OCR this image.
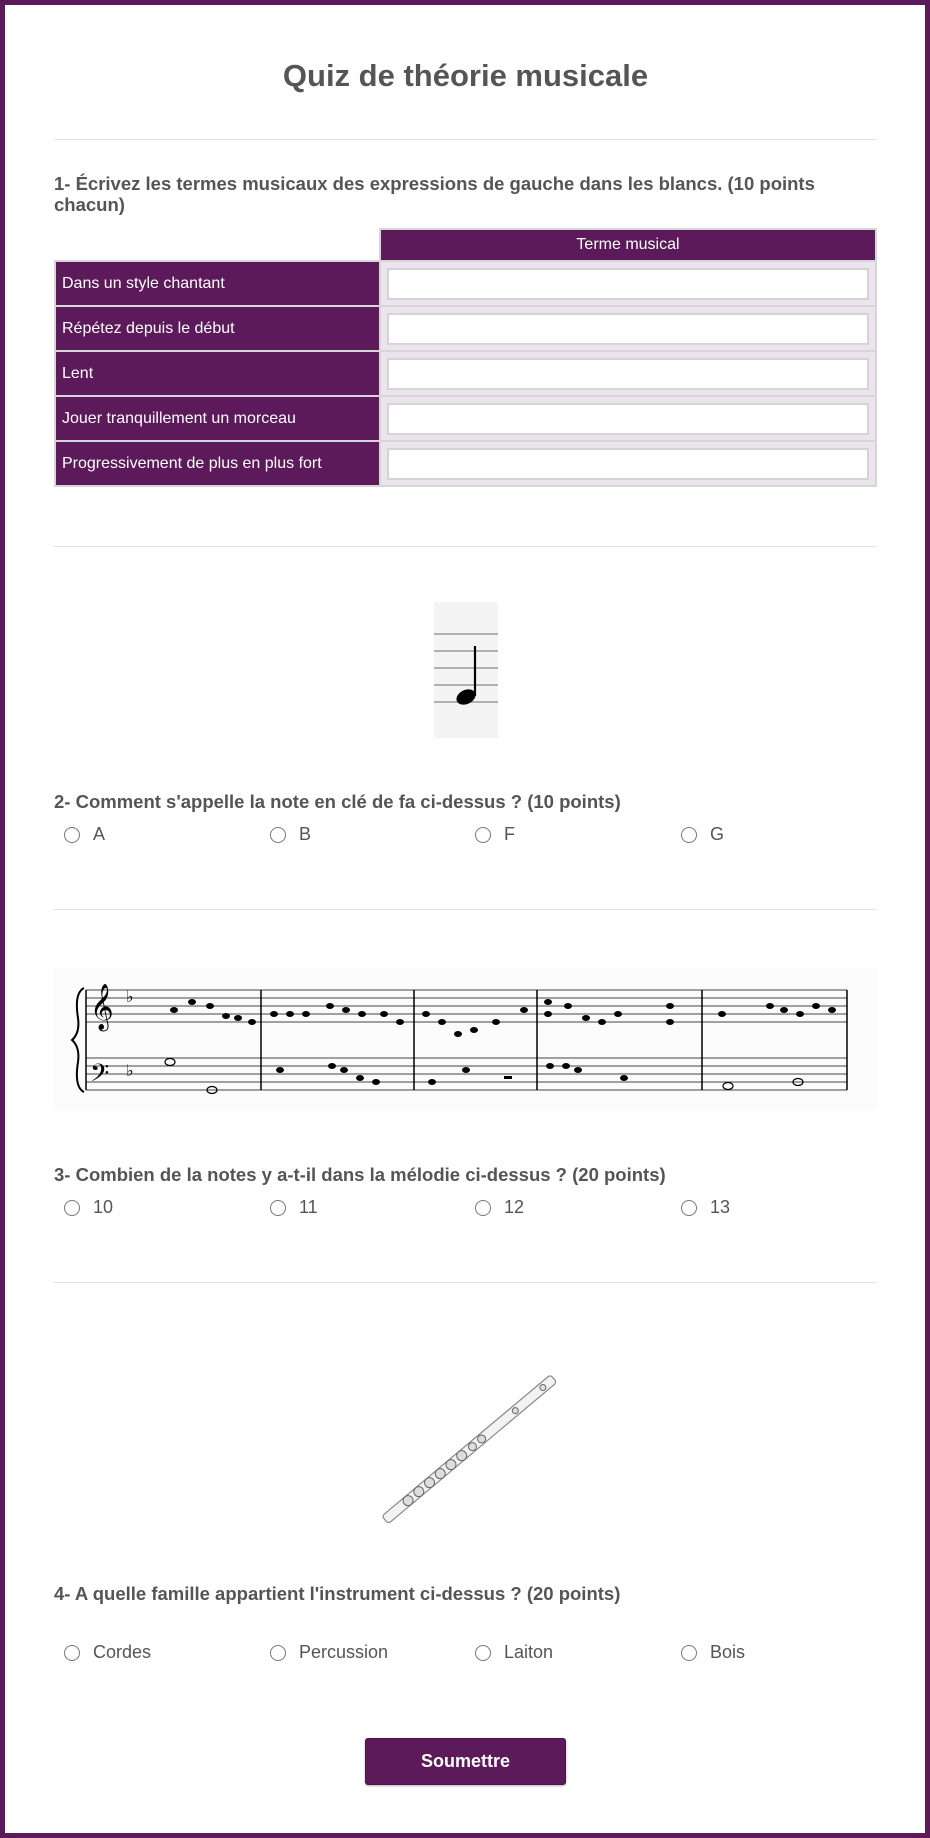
Quiz de théorie musicale
1- Écrivez les termes musicaux des expressions de gauche dans les blancs. (10 points chacun)
	Terme musical
Dans un style chantant	
Répétez depuis le début	
Lent	
Jouer tranquillement un morceau	
Progressivement de plus en plus fort	
2- Comment s'appelle la note en clé de fa ci-dessus ? (10 points)
A	B	F	G
𝄞
𝄢
♭
♭
3- Combien de la notes y a-t-il dans la mélodie ci-dessus ? (20 points)
10	11	12	13
4- A quelle famille appartient l'instrument ci-dessus ? (20 points)
Cordes	Percussion	Laiton	Bois
Soumettre
